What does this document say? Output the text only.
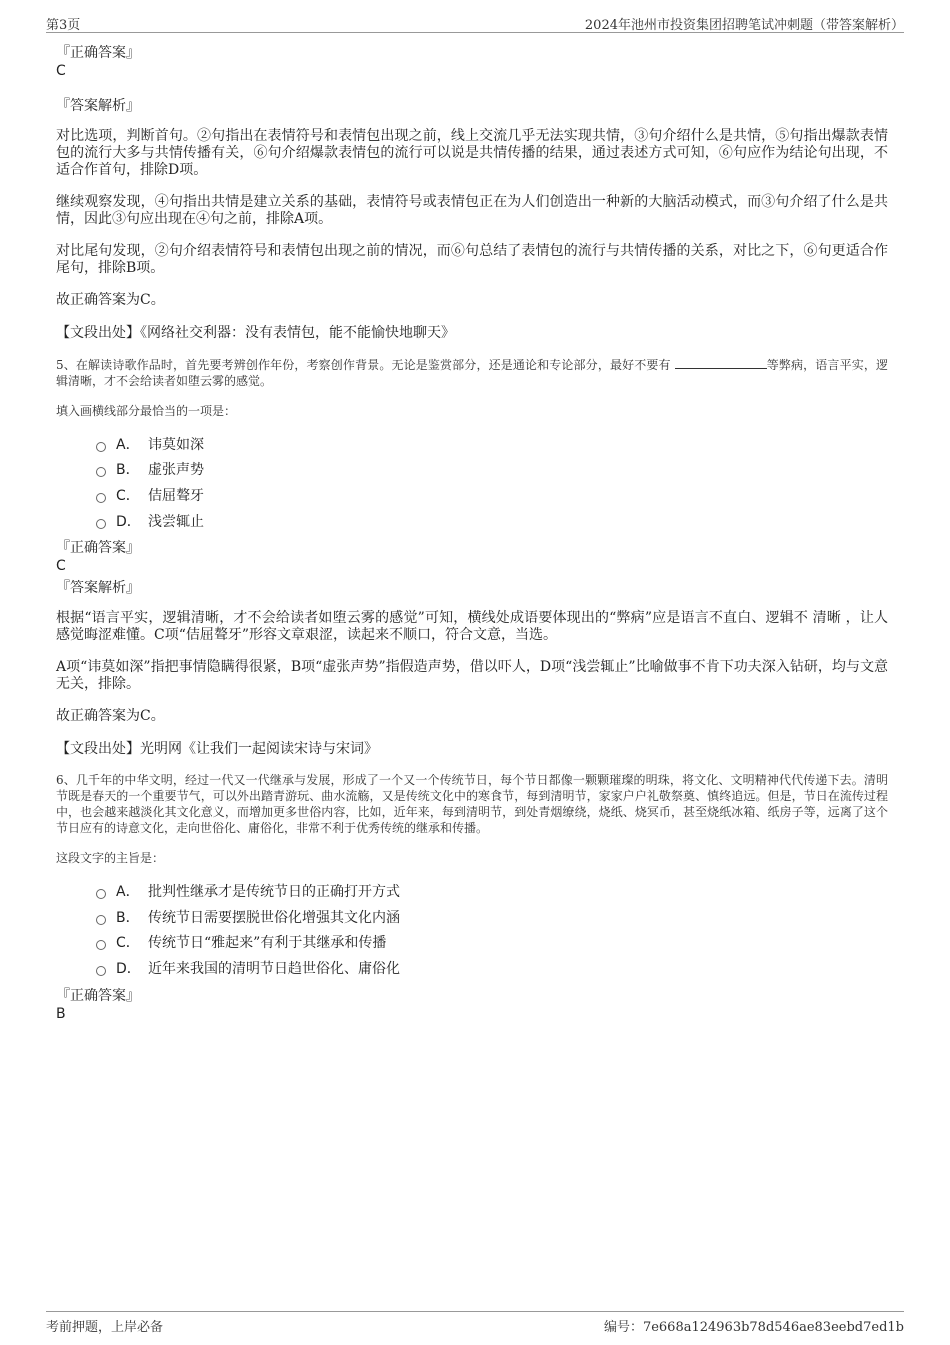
第3页	2024年池州市投资集团招聘笔试冲刺题（带答案解析）

『正确答案』

C

『答案解析』

对比选项，判断首句。②句指出在表情符号和表情包出现之前，线上交流几乎无法实现共情，③句介绍什么是共情，⑤句指出爆款表情包的流行大多与共情传播有关，⑥句介绍爆款表情包的流行可以说是共情传播的结果，通过表述方式可知，⑥句应作为结论句出现，不适合作首句，排除D项。

继续观察发现，④句指出共情是建立关系的基础，表情符号或表情包正在为人们创造出一种新的大脑活动模式，而③句介绍了什么是共情，因此③句应出现在④句之前，排除A项。

对比尾句发现，②句介绍表情符号和表情包出现之前的情况，而⑥句总结了表情包的流行与共情传播的关系，对比之下，⑥句更适合作尾句，排除B项。

故正确答案为C。

【文段出处】《网络社交利器：没有表情包，能不能愉快地聊天》

5、在解读诗歌作品时，首先要考辨创作年份，考察创作背景。无论是鉴赏部分，还是通论和专论部分，最好不要有	等弊病，语言平实，逻辑清晰，才不会给读者如堕云雾的感觉。

填入画横线部分最恰当的一项是：

A． 讳莫如深
B． 虚张声势
C． 佶屈聱牙
D． 浅尝辄止

『正确答案』

C

『答案解析』

根据“语言平实，逻辑清晰，才不会给读者如堕云雾的感觉”可知，横线处成语要体现出的“弊病”应是语言不直白、逻辑不 清晰 ，让人感觉晦涩难懂。C项“佶屈聱牙”形容文章艰涩，读起来不顺口，符合文意，当选。

A项“讳莫如深”指把事情隐瞒得很紧，B项“虚张声势”指假造声势，借以吓人，D项“浅尝辄止”比喻做事不肯下功夫深入钻研，均与文意无关，排除。

故正确答案为C。

【文段出处】光明网《让我们一起阅读宋诗与宋词》

6、几千年的中华文明，经过一代又一代继承与发展，形成了一个又一个传统节日，每个节日都像一颗颗璀璨的明珠，将文化、文明精神代代传递下去。清明节既是春天的一个重要节气，可以外出踏青游玩、曲水流觞，又是传统文化中的寒食节，每到清明节，家家户户礼敬祭奠、慎终追远。但是，节日在流传过程中，也会越来越淡化其文化意义，而增加更多世俗内容，比如，近年来，每到清明节，到处青烟缭绕，烧纸、烧冥币，甚至烧纸冰箱、纸房子等，远离了这个节日应有的诗意文化，走向世俗化、庸俗化，非常不利于优秀传统的继承和传播。

这段文字的主旨是：

A． 批判性继承才是传统节日的正确打开方式
B． 传统节日需要摆脱世俗化增强其文化内涵
C． 传统节日“雅起来”有利于其继承和传播
D． 近年来我国的清明节日趋世俗化、庸俗化

『正确答案』

B

考前押题，上岸必备	编号：7e668a124963b78d546ae83eebd7ed1b
